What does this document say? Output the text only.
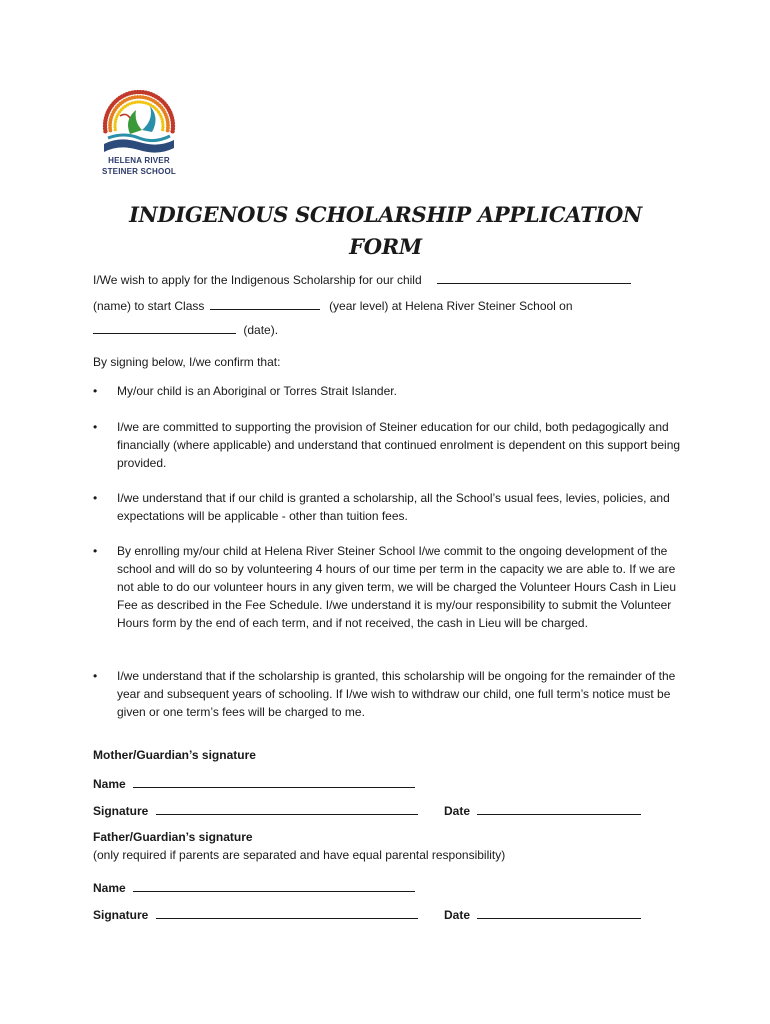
HELENA RIVER
STEINER SCHOOL
INDIGENOUS SCHOLARSHIP APPLICATION
FORM
I/We wish to apply for the Indigenous Scholarship for our child
(name) to start Class	(year level) at Helena River Steiner School on
(date).
By signing below, I/we confirm that:
• My/our child is an Aboriginal or Torres Strait Islander.
• I/we are committed to supporting the provision of Steiner education for our child, both pedagogically and financially (where applicable) and understand that continued enrolment is dependent on this support being provided.
• I/we understand that if our child is granted a scholarship, all the School’s usual fees, levies, policies, and expectations will be applicable - other than tuition fees.
• By enrolling my/our child at Helena River Steiner School I/we commit to the ongoing development of the school and will do so by volunteering 4 hours of our time per term in the capacity we are able to. If we are not able to do our volunteer hours in any given term, we will be charged the Volunteer Hours Cash in Lieu Fee as described in the Fee Schedule. I/we understand it is my/our responsibility to submit the Volunteer Hours form by the end of each term, and if not received, the cash in Lieu will be charged.
• I/we understand that if the scholarship is granted, this scholarship will be ongoing for the remainder of the year and subsequent years of schooling. If I/we wish to withdraw our child, one full term’s notice must be given or one term’s fees will be charged to me.
Mother/Guardian’s signature
Name
Signature	Date
Father/Guardian’s signature
(only required if parents are separated and have equal parental responsibility)
Name
Signature	Date
